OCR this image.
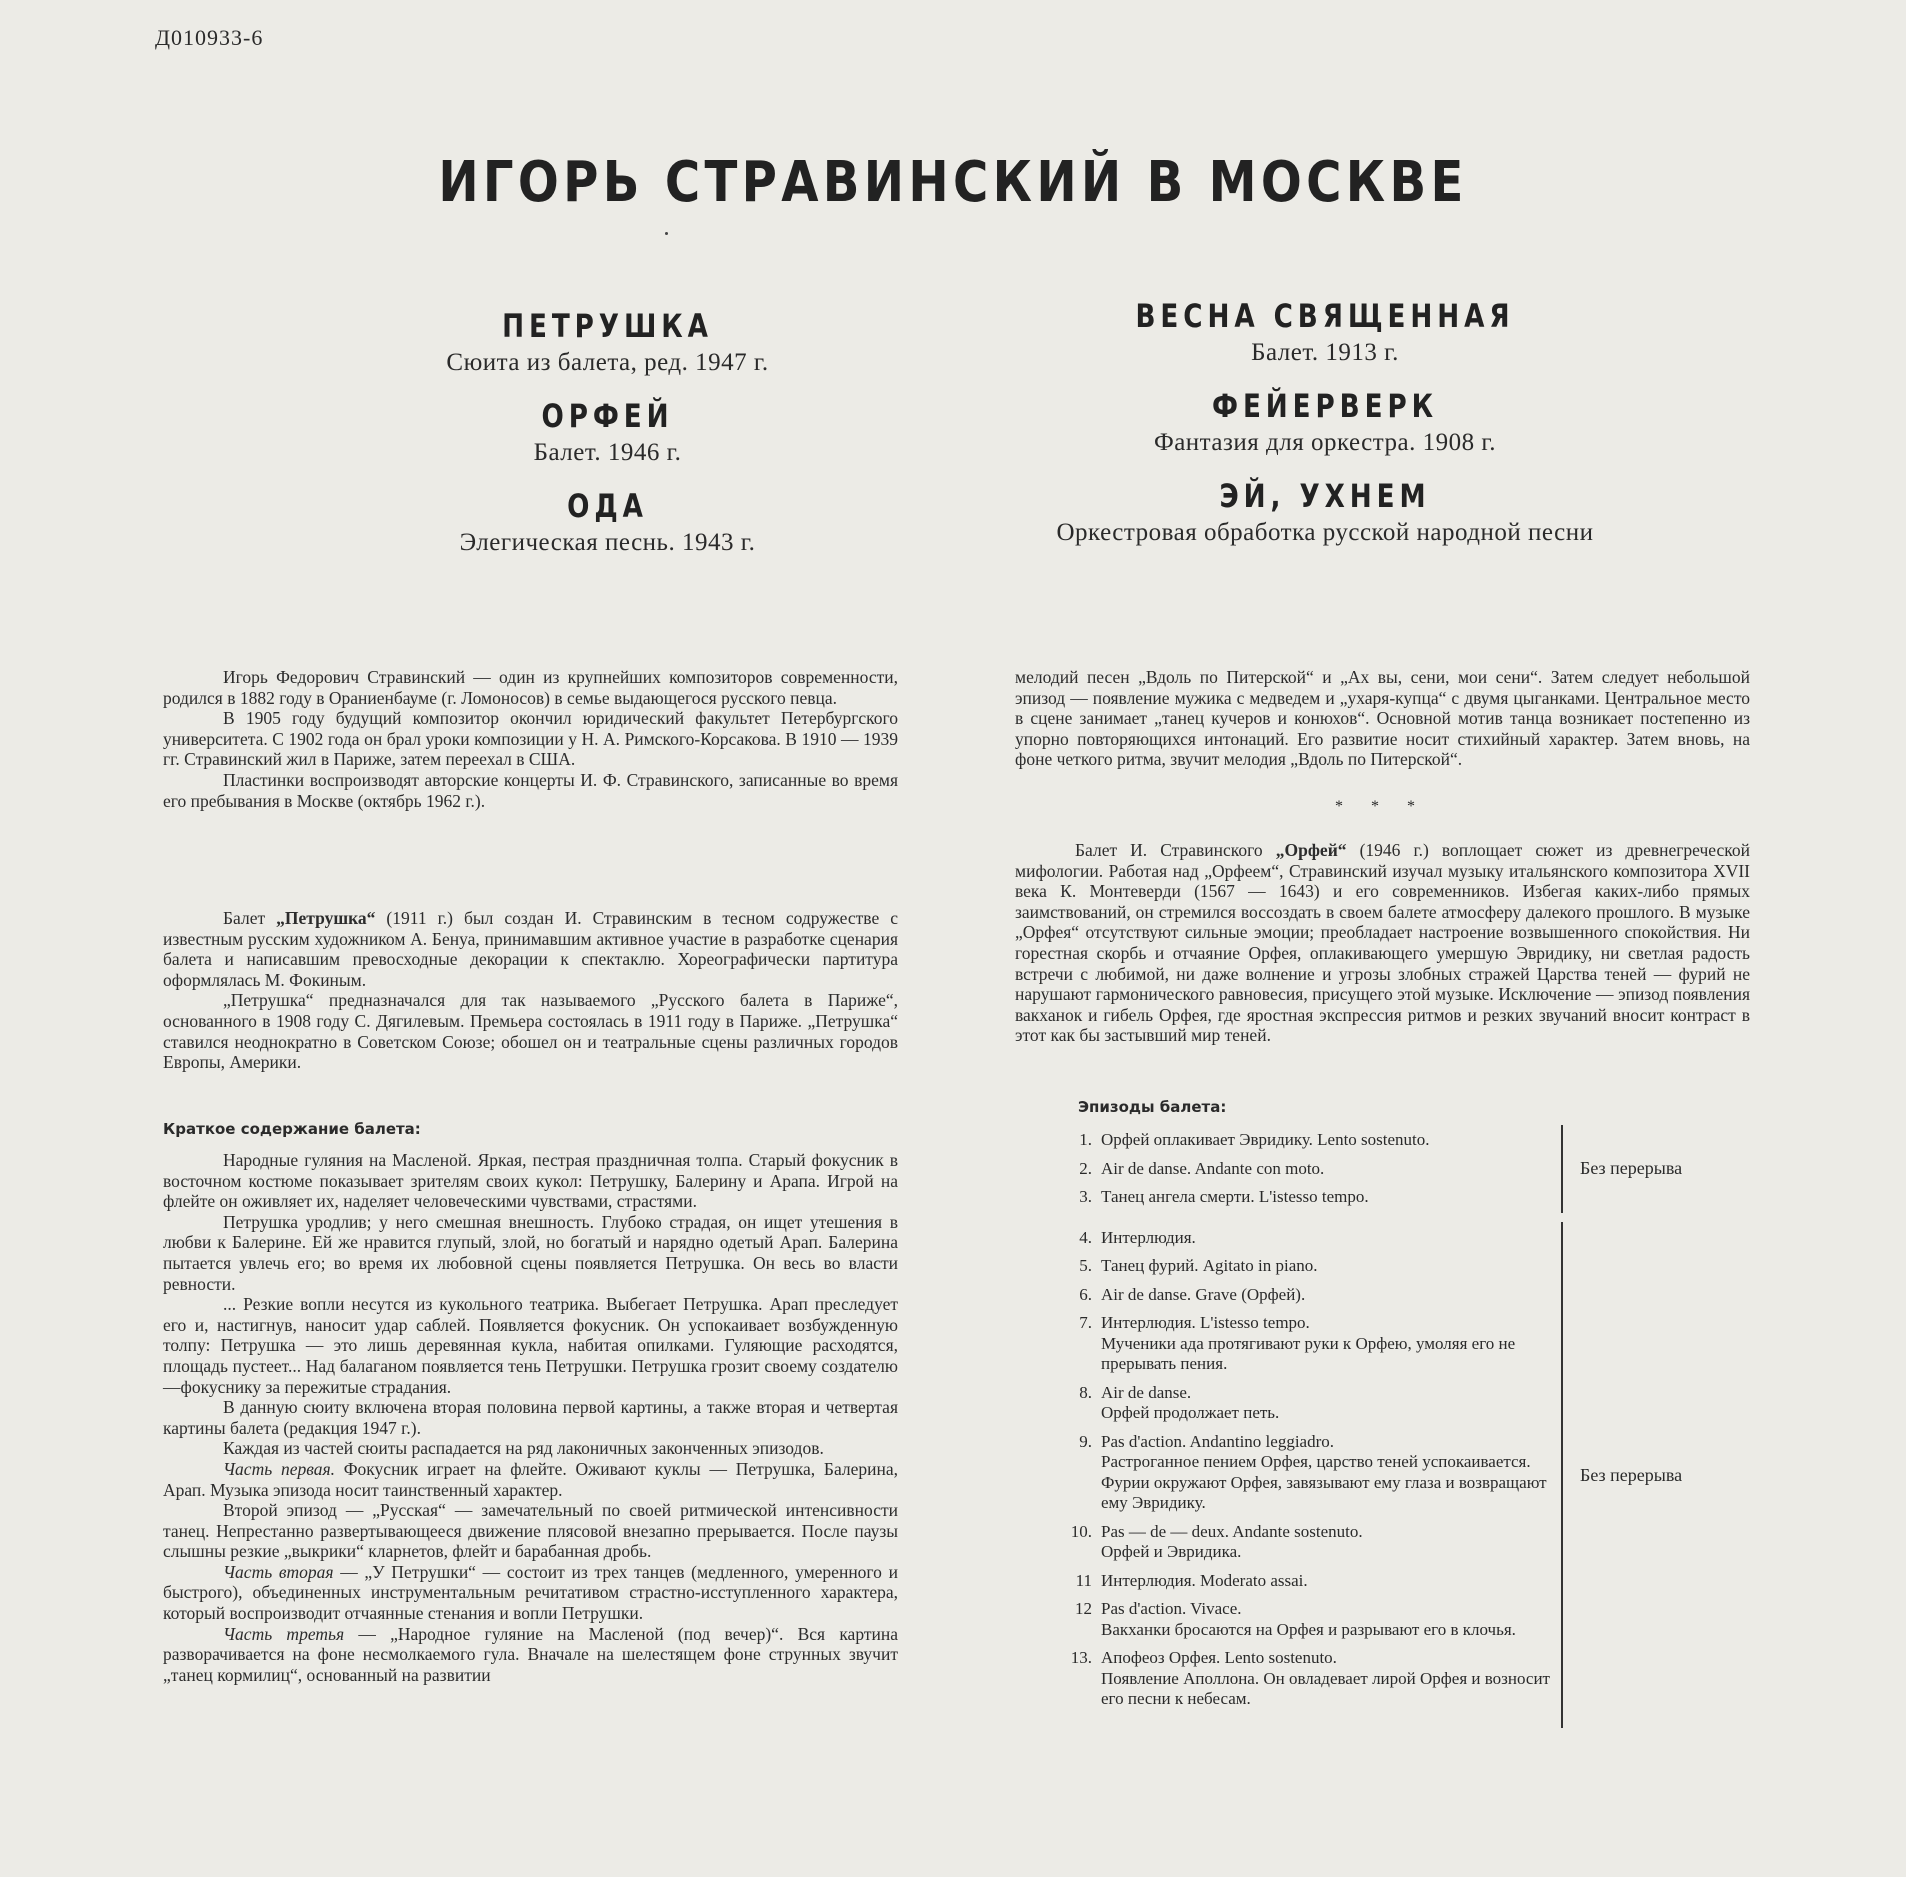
Д010933-6
ИГОРЬ СТРАВИНСКИЙ В МОСКВЕ
ПЕТРУШКА
Сюита из балета, ред. 1947 г.
ОРФЕЙ
Балет. 1946 г.
ОДА
Элегическая песнь. 1943 г.
ВЕСНА СВЯЩЕННАЯ
Балет. 1913 г.
ФЕЙЕРВЕРК
Фантазия для оркестра. 1908 г.
ЭЙ, УХНЕМ
Оркестровая обработка русской народной песни

Игорь Федорович Стравинский — один из крупнейших композиторов современности, родился в 1882 году в Ораниенбауме (г. Ломоносов) в семье выдающегося русского певца.

В 1905 году будущий композитор окончил юридический факультет Петербургского университета. С 1902 года он брал уроки композиции у Н. А. Римского-Корсакова. В 1910 — 1939 гг. Стравинский жил в Париже, затем переехал в США.

Пластинки воспроизводят авторские концерты И. Ф. Стравинского, записанные во время его пребывания в Москве (октябрь 1962 г.).

Балет „Петрушка“ (1911 г.) был создан И. Стравинским в тесном содружестве с известным русским художником А. Бенуа, принимавшим активное участие в разработке сценария балета и написавшим превосходные декорации к спектаклю. Хореографически партитура оформлялась М. Фокиным.

„Петрушка“ предназначался для так называемого „Русского балета в Париже“, основанного в 1908 году С. Дягилевым. Премьера состоялась в 1911 году в Париже. „Петрушка“ ставился неоднократно в Советском Союзе; обошел он и театральные сцены различных городов Европы, Америки.

Краткое содержание балета:

Народные гуляния на Масленой. Яркая, пестрая праздничная толпа. Старый фокусник в восточном костюме показывает зрителям своих кукол: Петрушку, Балерину и Арапа. Игрой на флейте он оживляет их, наделяет человеческими чувствами, страстями.

Петрушка уродлив; у него смешная внешность. Глубоко страдая, он ищет утешения в любви к Балерине. Ей же нравится глупый, злой, но богатый и нарядно одетый Арап. Балерина пытается увлечь его; во время их любовной сцены появляется Петрушка. Он весь во власти ревности.

... Резкие вопли несутся из кукольного театрика. Выбегает Петрушка. Арап преследует его и, настигнув, наносит удар саблей. Появляется фокусник. Он успокаивает возбужденную толпу: Петрушка — это лишь деревянная кукла, набитая опилками. Гуляющие расходятся, площадь пустеет... Над балаганом появляется тень Петрушки. Петрушка грозит своему создателю—фокуснику за пережитые страдания.

В данную сюиту включена вторая половина первой картины, а также вторая и четвертая картины балета (редакция 1947 г.).

Каждая из частей сюиты распадается на ряд лаконичных законченных эпизодов.

Часть первая. Фокусник играет на флейте. Оживают куклы — Петрушка, Балерина, Арап. Музыка эпизода носит таинственный характер.

Второй эпизод — „Русская“ — замечательный по своей ритмической интенсивности танец. Непрестанно развертывающееся движение плясовой внезапно прерывается. После паузы слышны резкие „выкрики“ кларнетов, флейт и барабанная дробь.

Часть вторая — „У Петрушки“ — состоит из трех танцев (медленного, умеренного и быстрого), объединенных инструментальным речитативом страстно-исступленного характера, который воспроизводит отчаянные стенания и вопли Петрушки.

Часть третья — „Народное гуляние на Масленой (под вечер)“. Вся картина разворачивается на фоне несмолкаемого гула. Вначале на шелестящем фоне струнных звучит „танец кормилиц“, основанный на развитии

мелодий песен „Вдоль по Питерской“ и „Ах вы, сени, мои сени“. Затем следует небольшой эпизод — появление мужика с медведем и „ухаря-купца“ с двумя цыганками. Центральное место в сцене занимает „танец кучеров и конюхов“. Основной мотив танца возникает постепенно из упорно повторяющихся интонаций. Его развитие носит стихийный характер. Затем вновь, на фоне четкого ритма, звучит мелодия „Вдоль по Питерской“.

* * *

Балет И. Стравинского „Орфей“ (1946 г.) воплощает сюжет из древнегреческой мифологии. Работая над „Орфеем“, Стравинский изучал музыку итальянского композитора XVII века К. Монтеверди (1567 — 1643) и его современников. Избегая каких-либо прямых заимствований, он стремился воссоздать в своем балете атмосферу далекого прошлого. В музыке „Орфея“ отсутствуют сильные эмоции; преобладает настроение возвышенного спокойствия. Ни горестная скорбь и отчаяние Орфея, оплакивающего умершую Эвридику, ни светлая радость встречи с любимой, ни даже волнение и угрозы злобных стражей Царства теней — фурий не нарушают гармонического равновесия, присущего этой музыке. Исключение — эпизод появления вакханок и гибель Орфея, где яростная экспрессия ритмов и резких звучаний вносит контраст в этот как бы застывший мир теней.

Эпизоды балета:
1. Орфей оплакивает Эвридику. Lento sostenuto.
2. Air de danse. Andante con moto.
3. Танец ангела смерти. L'istesso tempo.
4. Интерлюдия.
5. Танец фурий. Agitato in piano.
6. Air de danse. Grave (Орфей).
7. Интерлюдия. L'istesso tempo.
Мученики ада протягивают руки к Орфею, умоляя его не прерывать пения.
8. Air de danse.
Орфей продолжает петь.
9. Pas d'action. Andantino leggiadro.
Растроганное пением Орфея, царство теней успокаивается. Фурии окружают Орфея, завязывают ему глаза и возвращают ему Эвридику.
10. Pas — de — deux. Andante sostenuto.
Орфей и Эвридика.
11 Интерлюдия. Moderato assai.
12 Pas d'action. Vivace.
Вакханки бросаются на Орфея и разрывают его в клочья.
13. Апофеоз Орфея. Lento sostenuto.
Появление Аполлона. Он овладевает лирой Орфея и возносит его песни к небесам.
Без перерыва
Без перерыва
